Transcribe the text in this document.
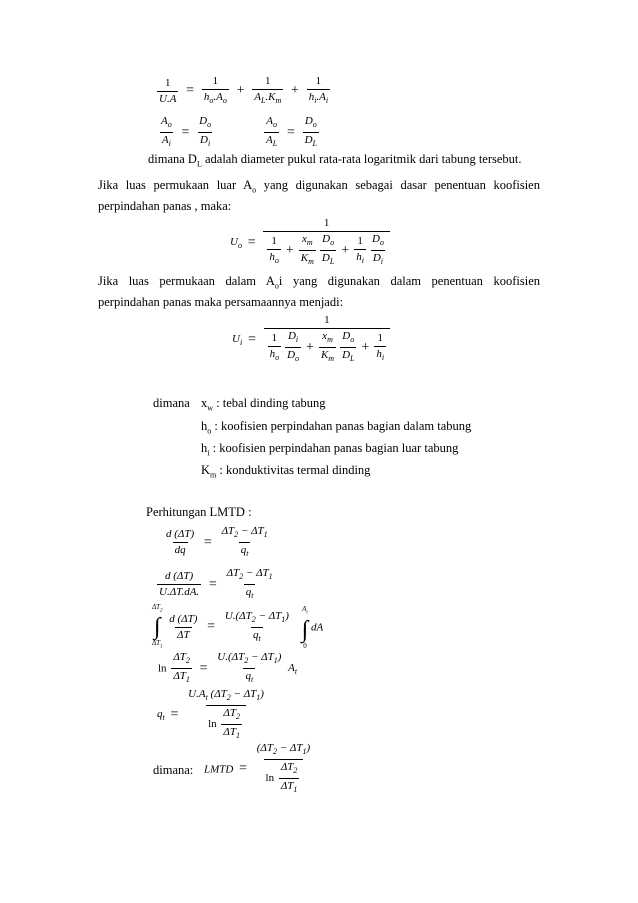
$\frac{1}{U.A} = \frac{1}{h_o.A_o} + \frac{1}{A_L.K_m} + \frac{1}{h_i.A_i}$
$\frac{A_o}{A_i} = \frac{D_o}{D_i}$	$\frac{A_o}{A_L} = \frac{D_o}{D_L}$
dimana $D_L$ adalah diameter pukul rata-rata logaritmik dari tabung tersebut.
Jika luas permukaan luar $A_o$ yang digunakan sebagai dasar penentuan koofisien
perpindahan panas , maka:
$U_o$ =
1
1
$h_o$
+ $\frac{x_m}{K_m} D_o$
$D_L$
+ $\frac{1}{h_i} D_o$
$D_i$
Jika luas permukaan dalam $A_oi$ yang digunakan dalam penentuan koofisien
perpindahan panas maka persamaannya menjadi:
$U_i$ =
1
1
$h_o$
$D_i$
$D_o$
+ $\frac{x_m}{K_m} D_o$
$D_L$
+ $\frac{1}{h_i}$
dimana $x_w$ : tebal dinding tabung
$h_o$ : koofisien perpindahan panas bagian dalam tabung
$h_i$ : koofisien perpindahan panas bagian luar tabung
$K_m$ : konduktivitas termal dinding
Perhitungan LMTD :
$\frac{d (\Delta T)}{dq} = \frac{\Delta T_2 - \Delta T_1}{q_t}$
$\frac{d (\Delta T)}{U.\Delta T.dA.} = \frac{\Delta T_2 - \Delta T_1}{q_t}$
$\Delta T_2$
∫
$\Delta T_1$

$\frac{d (\Delta T)}{\Delta T} = \frac{U.(\Delta T_2 - \Delta T_1)}{q_t}$

$A_t$
∫
0
dA
$\ln \frac{\Delta T_2}{\Delta T_1} = \frac{U.(\Delta T_2 - \Delta T_1)}{q_t} A_t$
$q_t = \frac{U.A_t (\Delta T_2 - \Delta T_1)}{\ln \frac{\Delta T_2}{\Delta T_1}}$
dimana: LMTD = $\frac{(\Delta T_2 - \Delta T_1)}{\ln \frac{\Delta T_2}{\Delta T_1}}$
